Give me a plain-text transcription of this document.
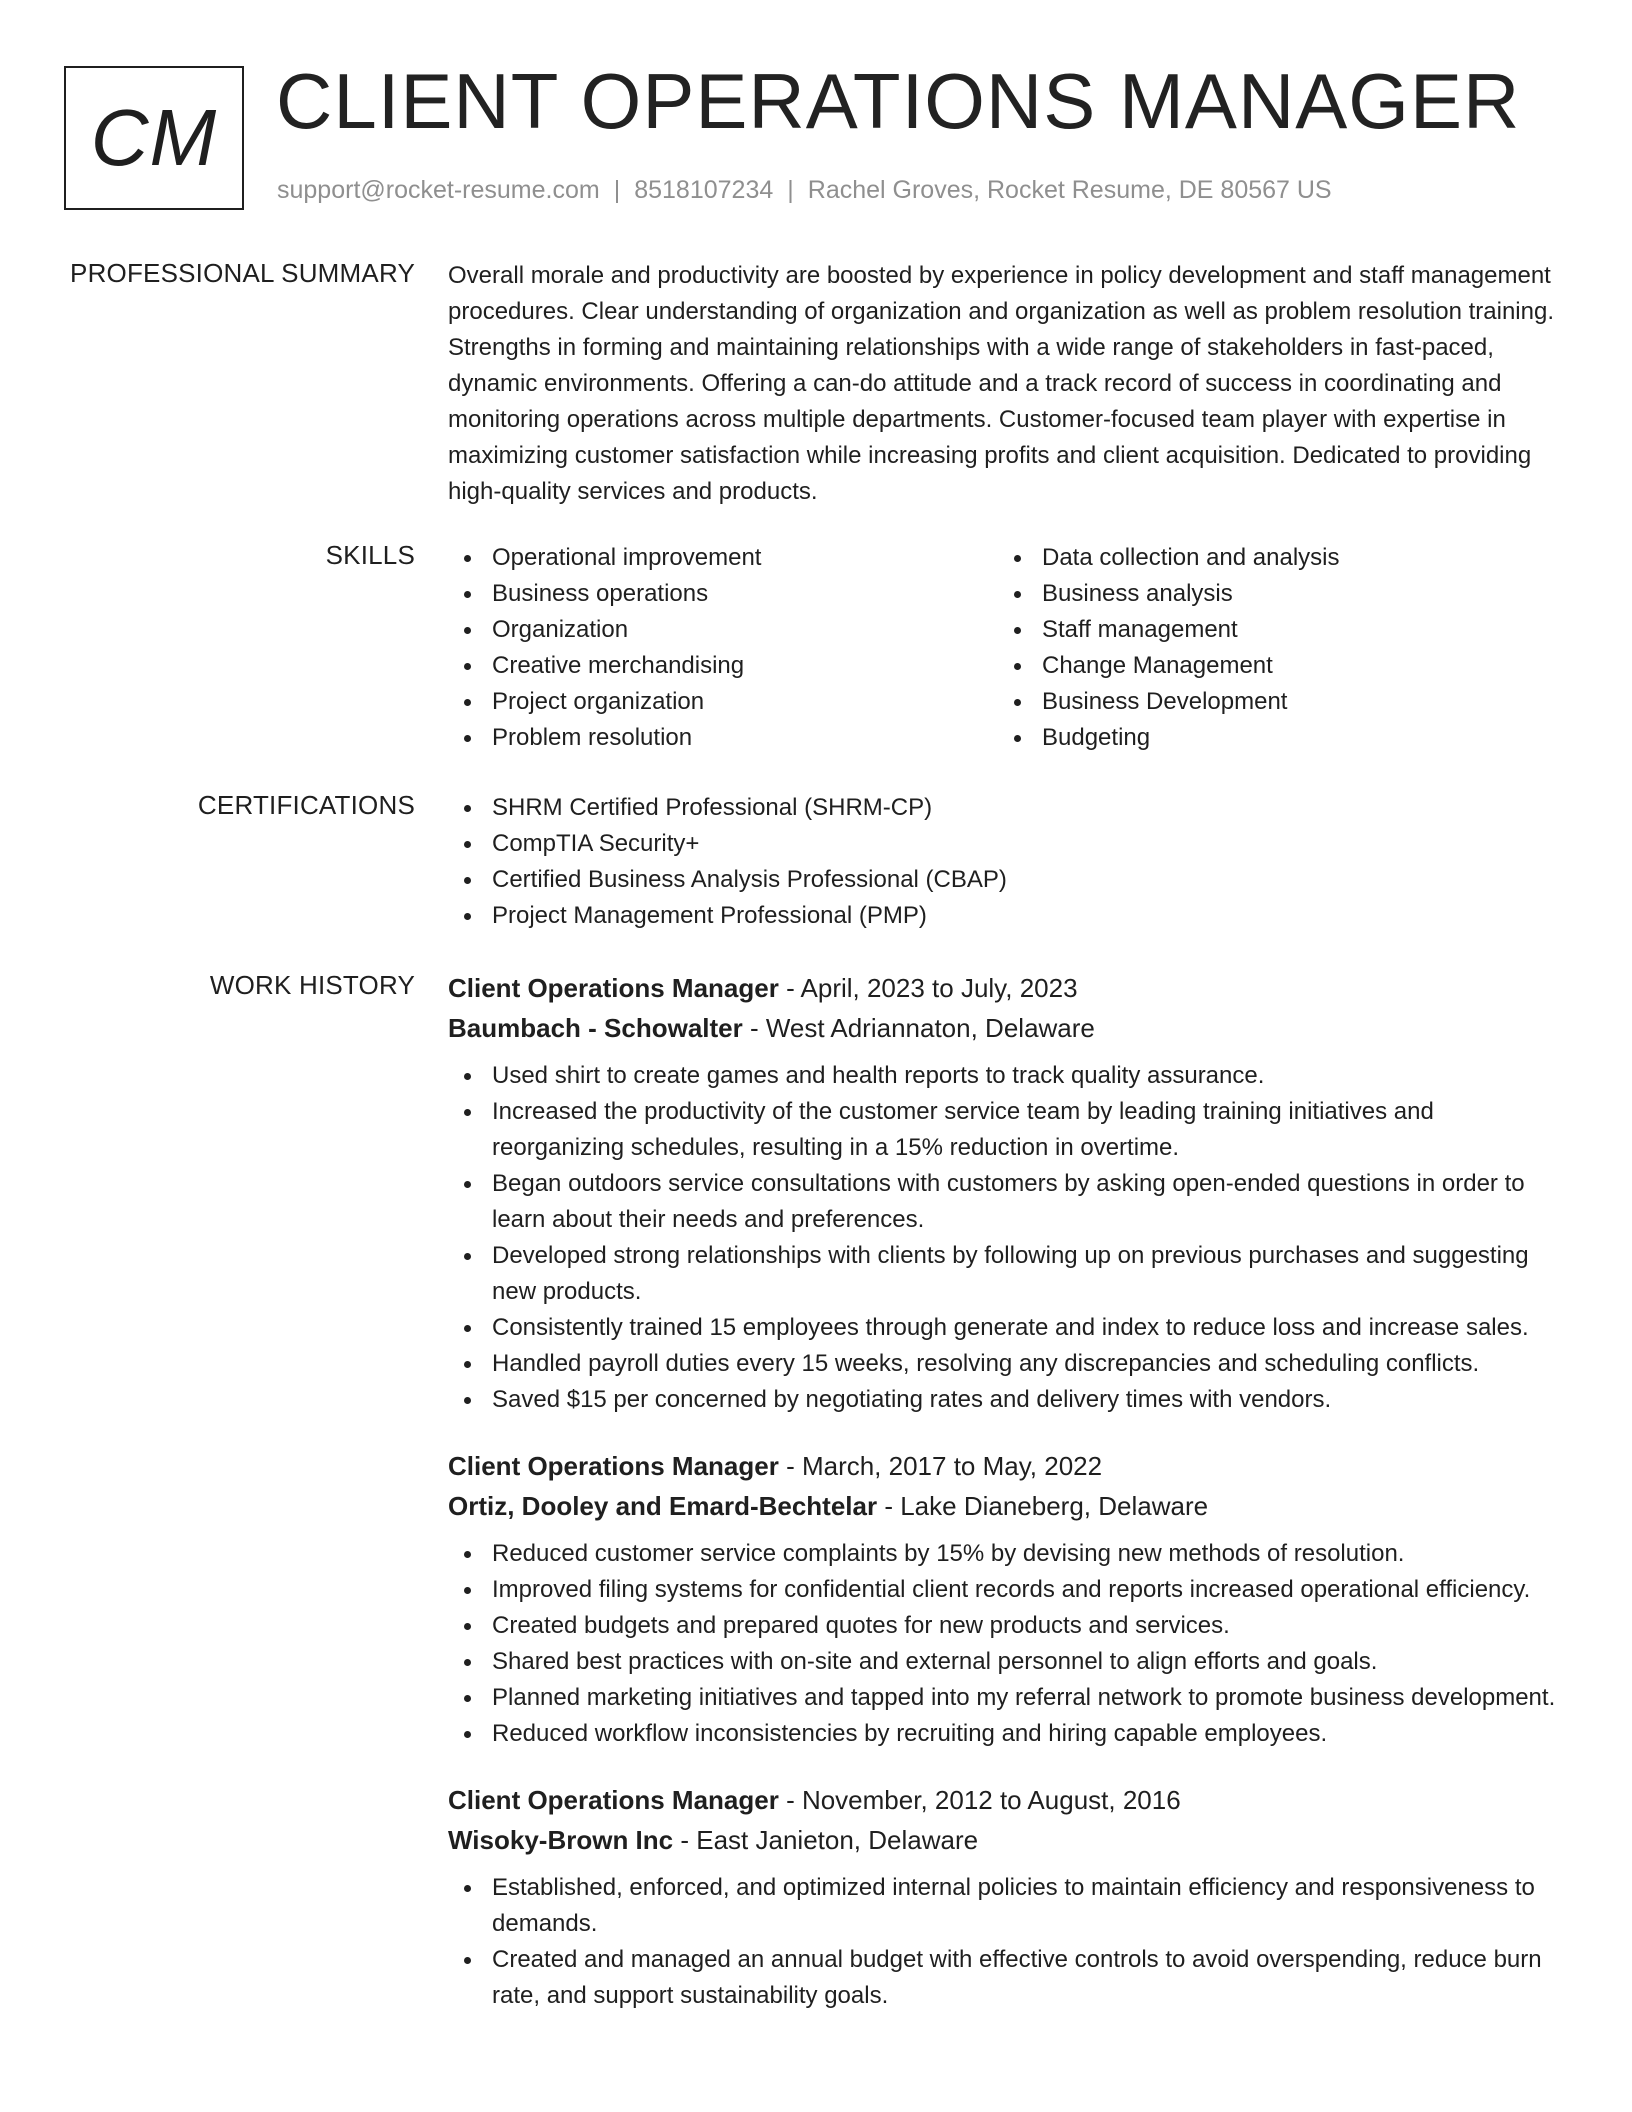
CM CLIENT OPERATIONS MANAGER
support@rocket-resume.com | 8518107234 | Rachel Groves, Rocket Resume, DE 80567 US
PROFESSIONAL SUMMARY Overall morale and productivity are boosted by experience in policy development and staff management procedures. Clear understanding of organization and organization as well as problem resolution training. Strengths in forming and maintaining relationships with a wide range of stakeholders in fast-paced, dynamic environments. Offering a can-do attitude and a track record of success in coordinating and monitoring operations across multiple departments. Customer-focused team player with expertise in maximizing customer satisfaction while increasing profits and client acquisition. Dedicated to providing high-quality services and products.
SKILLS	Operational improvement
Business operations
Organization
Creative merchandising
Project organization
Problem resolution
Data collection and analysis
Business analysis
Staff management
Change Management
Business Development
Budgeting
CERTIFICATIONS	SHRM Certified Professional (SHRM-CP)
CompTIA Security+
Certified Business Analysis Professional (CBAP)
Project Management Professional (PMP)
WORK HISTORY Client Operations Manager - April, 2023 to July, 2023
Baumbach - Schowalter - West Adriannaton, Delaware
Used shirt to create games and health reports to track quality assurance.
Increased the productivity of the customer service team by leading training initiatives and reorganizing schedules, resulting in a 15% reduction in overtime.
Began outdoors service consultations with customers by asking open-ended questions in order to learn about their needs and preferences.
Developed strong relationships with clients by following up on previous purchases and suggesting new products.
Consistently trained 15 employees through generate and index to reduce loss and increase sales.
Handled payroll duties every 15 weeks, resolving any discrepancies and scheduling conflicts.
Saved $15 per concerned by negotiating rates and delivery times with vendors.
Client Operations Manager - March, 2017 to May, 2022
Ortiz, Dooley and Emard-Bechtelar - Lake Dianeberg, Delaware
Reduced customer service complaints by 15% by devising new methods of resolution.
Improved filing systems for confidential client records and reports increased operational efficiency.
Created budgets and prepared quotes for new products and services.
Shared best practices with on-site and external personnel to align efforts and goals.
Planned marketing initiatives and tapped into my referral network to promote business development.
Reduced workflow inconsistencies by recruiting and hiring capable employees.
Client Operations Manager - November, 2012 to August, 2016
Wisoky-Brown Inc - East Janieton, Delaware
Established, enforced, and optimized internal policies to maintain efficiency and responsiveness to demands.
Created and managed an annual budget with effective controls to avoid overspending, reduce burn rate, and support sustainability goals.
